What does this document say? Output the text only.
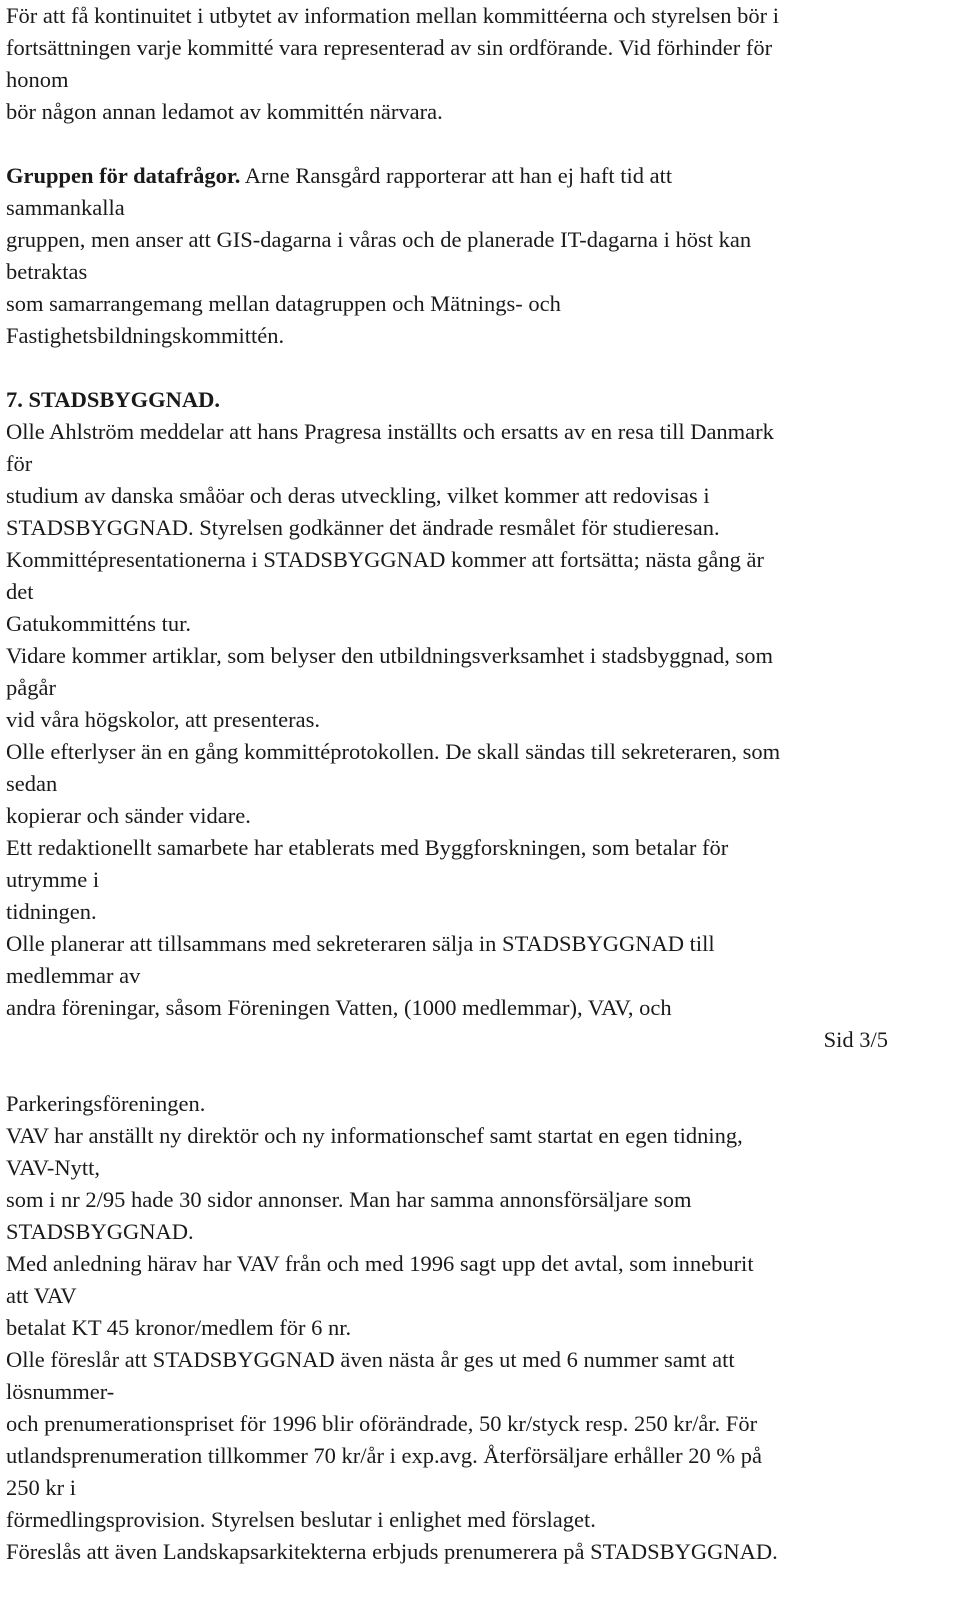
För att få kontinuitet i utbytet av information mellan kommittéerna och styrelsen bör i
fortsättningen varje kommitté vara representerad av sin ordförande. Vid förhinder för
honom
bör någon annan ledamot av kommittén närvara.
Gruppen för datafrågor. Arne Ransgård rapporterar att han ej haft tid att
sammankalla
gruppen, men anser att GIS-dagarna i våras och de planerade IT-dagarna i höst kan
betraktas
som samarrangemang mellan datagruppen och Mätnings- och
Fastighetsbildningskommittén.
7. STADSBYGGNAD.
Olle Ahlström meddelar att hans Pragresa inställts och ersatts av en resa till Danmark
för
studium av danska småöar och deras utveckling, vilket kommer att redovisas i
STADSBYGGNAD. Styrelsen godkänner det ändrade resmålet för studieresan.
Kommittépresentationerna i STADSBYGGNAD kommer att fortsätta; nästa gång är
det
Gatukommitténs tur.
Vidare kommer artiklar, som belyser den utbildningsverksamhet i stadsbyggnad, som
pågår
vid våra högskolor, att presenteras.
Olle efterlyser än en gång kommittéprotokollen. De skall sändas till sekreteraren, som
sedan
kopierar och sänder vidare.
Ett redaktionellt samarbete har etablerats med Byggforskningen, som betalar för
utrymme i
tidningen.
Olle planerar att tillsammans med sekreteraren sälja in STADSBYGGNAD till
medlemmar av
andra föreningar, såsom Föreningen Vatten, (1000 medlemmar), VAV, och
Sid 3/5
Parkeringsföreningen.
VAV har anställt ny direktör och ny informationschef samt startat en egen tidning,
VAV-Nytt,
som i nr 2/95 hade 30 sidor annonser. Man har samma annonsförsäljare som
STADSBYGGNAD.
Med anledning härav har VAV från och med 1996 sagt upp det avtal, som inneburit
att VAV
betalat KT 45 kronor/medlem för 6 nr.
Olle föreslår att STADSBYGGNAD även nästa år ges ut med 6 nummer samt att
lösnummer-
och prenumerationspriset för 1996 blir oförändrade, 50 kr/styck resp. 250 kr/år. För
utlandsprenumeration tillkommer 70 kr/år i exp.avg. Återförsäljare erhåller 20 % på
250 kr i
förmedlingsprovision. Styrelsen beslutar i enlighet med förslaget.
Föreslås att även Landskapsarkitekterna erbjuds prenumerera på STADSBYGGNAD.
